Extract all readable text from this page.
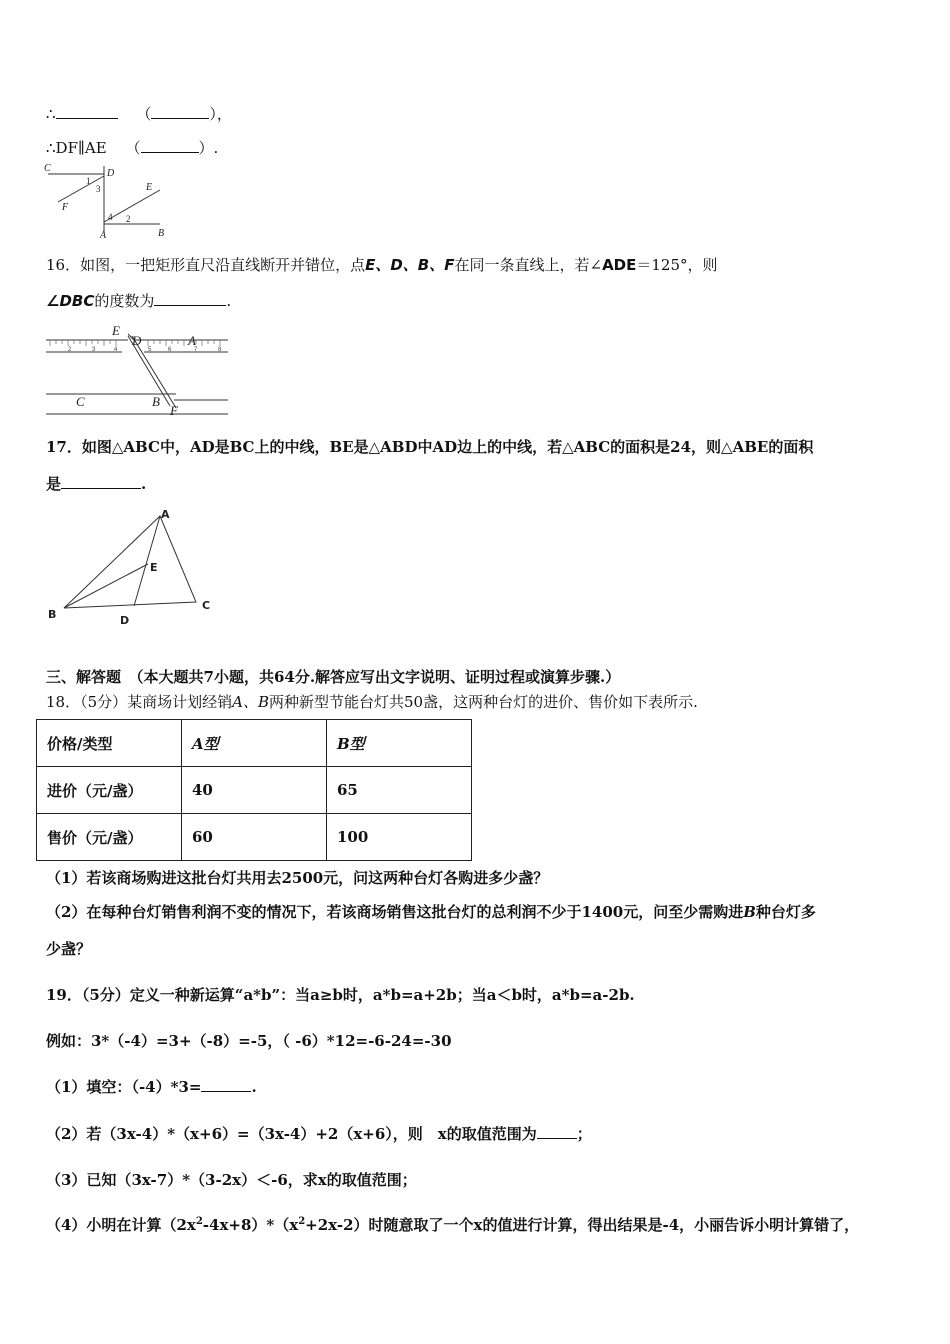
∴	（	），
∴DF∥AE （	）.
C	D
E
F
1
3
4 2
A	B
16．如图，一把矩形直尺沿直线断开并错位，点E、D、B、F在同一条直线上，若∠ADE＝125°，则
∠DBC的度数为	.
2	3	4	5	6	7	8
E
D	A
C	B
F
17．如图△ABC中，AD是BC上的中线，BE是△ABD中AD边上的中线，若△ABC的面积是24，则△ABE的面积
是	.
A
E
B	D
C
三、解答题　（本大题共7小题，共64分.解答应写出文字说明、证明过程或演算步骤.）
18．（5分）某商场计划经销A、B两种新型节能台灯共50盏，这两种台灯的进价、售价如下表所示.
价格/类型	A型	B型
进价（元/盏）	40	65
售价（元/盏）	60	100
（1）若该商场购进这批台灯共用去2500元，问这两种台灯各购进多少盏？
（2）在每种台灯销售利润不变的情况下，若该商场销售这批台灯的总利润不少于1400元，问至少需购进B种台灯多
少盏？
19．（5分）定义一种新运算“a*b”：当a≥b时，a*b=a+2b；当a＜b时，a*b=a-2b.
例如：3*（-4）=3+（-8）=-5，（ -6）*12=-6-24=-30
（1）填空：（-4）*3=	.
（2）若（3x-4）*（x+6）=（3x-4）+2（x+6），则　x的取值范围为	；
（3）已知（3x-7）*（3-2x）＜-6，求x的取值范围；
（4）小明在计算$(2x^2-4x+8)*(x^2+2x-2)$时随意取了一个x的值进行计算，得出结果是-4，小丽告诉小明计算错了，
